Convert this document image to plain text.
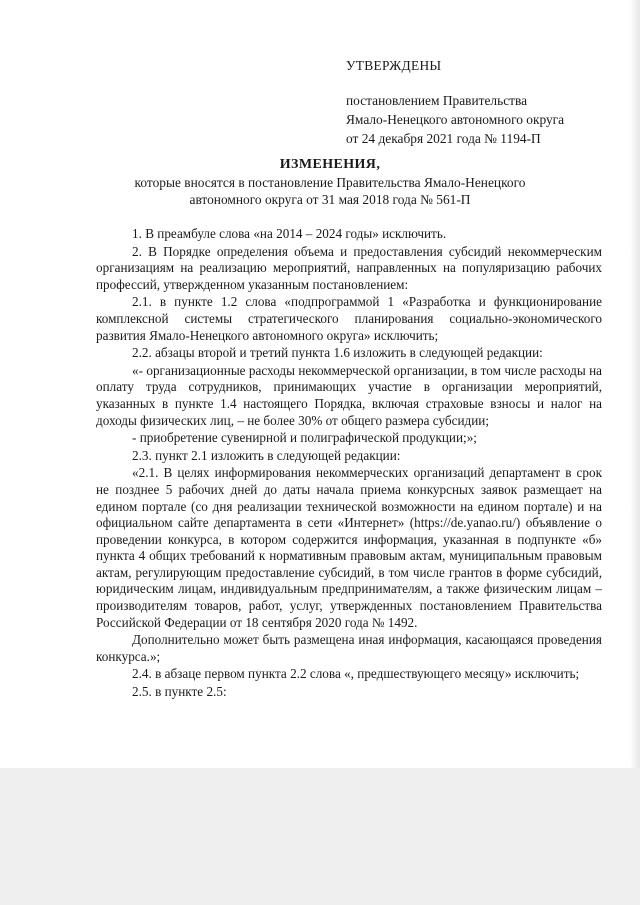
УТВЕРЖДЕНЫ
постановлением Правительства
Ямало-Ненецкого автономного округа
от 24 декабря 2021 года № 1194-П
ИЗМЕНЕНИЯ,
которые вносятся в постановление Правительства Ямало-Ненецкого
автономного округа от 31 мая 2018 года № 561-П

1. В преамбуле слова «на 2014 – 2024 годы» исключить.

2. В Порядке определения объема и предоставления субсидий некоммерческим организациям на реализацию мероприятий, направленных на популяризацию рабочих профессий, утвержденном указанным постановлением:

2.1. в пункте 1.2 слова «подпрограммой 1 «Разработка и функционирование комплексной системы стратегического планирования социально-экономического развития Ямало-Ненецкого автономного округа» исключить;

2.2. абзацы второй и третий пункта 1.6 изложить в следующей редакции:

«- организационные расходы некоммерческой организации, в том числе расходы на оплату труда сотрудников, принимающих участие в организации мероприятий, указанных в пункте 1.4 настоящего Порядка, включая страховые взносы и налог на доходы физических лиц, – не более 30% от общего размера субсидии;

- приобретение сувенирной и полиграфической продукции;»;

2.3. пункт 2.1 изложить в следующей редакции:

«2.1. В целях информирования некоммерческих организаций департамент в срок не позднее 5 рабочих дней до даты начала приема конкурсных заявок размещает на едином портале (со дня реализации технической возможности на едином портале) и на официальном сайте департамента в сети «Интернет» (https://de.yanao.ru/) объявление о проведении конкурса, в котором содержится информация, указанная в подпункте «б» пункта 4 общих требований к нормативным правовым актам, муниципальным правовым актам, регулирующим предоставление субсидий, в том числе грантов в форме субсидий, юридическим лицам, индивидуальным предпринимателям, а также физическим лицам – производителям товаров, работ, услуг, утвержденных постановлением Правительства Российской Федерации от 18 сентября 2020 года № 1492.

Дополнительно может быть размещена иная информация, касающаяся проведения конкурса.»;

2.4. в абзаце первом пункта 2.2 слова «, предшествующего месяцу» исключить;

2.5. в пункте 2.5:
